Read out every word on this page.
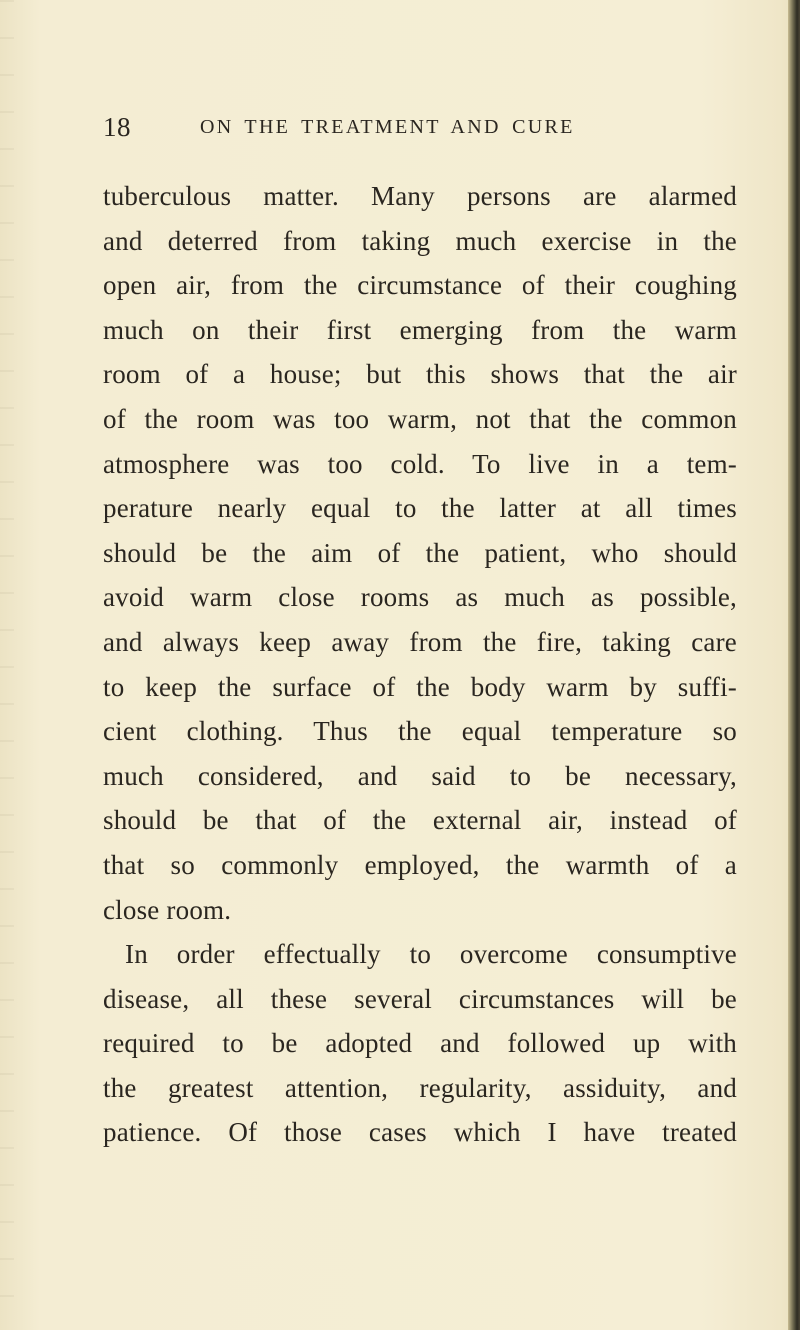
18	ON THE TREATMENT AND CURE
tuberculous matter. Many persons are alarmed
and deterred from taking much exercise in the
open air, from the circumstance of their coughing
much on their first emerging from the warm
room of a house; but this shows that the air
of the room was too warm, not that the common
atmosphere was too cold. To live in a tem-
perature nearly equal to the latter at all times
should be the aim of the patient, who should
avoid warm close rooms as much as possible,
and always keep away from the fire, taking care
to keep the surface of the body warm by suffi-
cient clothing. Thus the equal temperature so
much considered, and said to be necessary,
should be that of the external air, instead of
that so commonly employed, the warmth of a
close room.
In order effectually to overcome consumptive
disease, all these several circumstances will be
required to be adopted and followed up with
the greatest attention, regularity, assiduity, and
patience. Of those cases which I have treated
